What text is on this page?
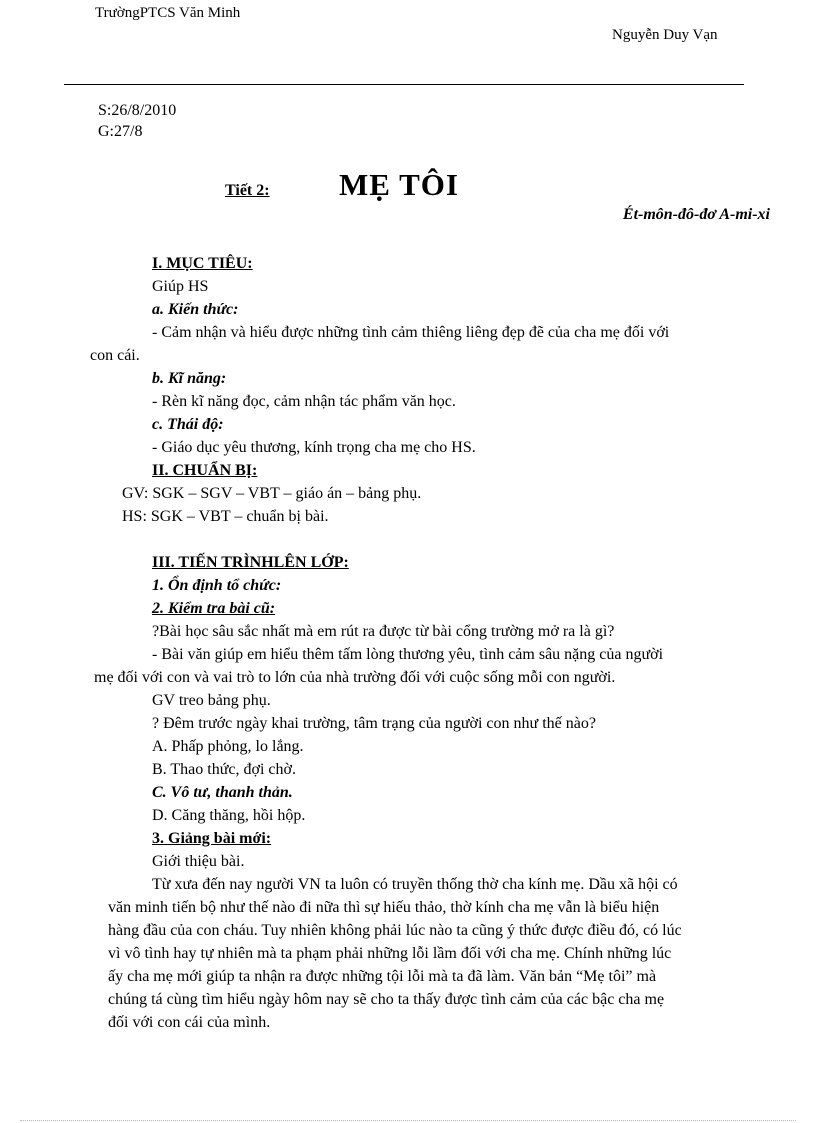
TrườngPTCS Văn Minh
Nguyễn Duy Vạn
S:26/8/2010
G:27/8
Tiết 2: MẸ TÔI
Ét-môn-đô-đơ A-mi-xi
I. MỤC TIÊU:
Giúp HS
a. Kiến thức:
- Cảm nhận và hiểu được những tình cảm thiêng liêng đẹp đẽ của cha mẹ đối với
con cái.
b. Kĩ năng:
- Rèn kĩ năng đọc, cảm nhận tác phẩm văn học.
c. Thái độ:
- Giáo dục yêu thương, kính trọng cha mẹ cho HS.
II. CHUẨN BỊ:
GV: SGK – SGV – VBT – giáo án – bảng phụ.
HS: SGK – VBT – chuẩn bị bài.
III. TIẾN TRÌNHLÊN LỚP:
1. Ổn định tổ chức:
2. Kiểm tra bài cũ:
?Bài học sâu sắc nhất mà em rút ra được từ bài cổng trường mở ra là gì?
- Bài văn giúp em hiểu thêm tấm lòng thương yêu, tình cảm sâu nặng của người
mẹ đối với con và vai trò to lớn của nhà trường đối với cuộc sống mỗi con người.
GV treo bảng phụ.
? Đêm trước ngày khai trường, tâm trạng của người con như thế nào?
A. Phấp phỏng, lo lắng.
B. Thao thức, đợi chờ.
C. Vô tư, thanh thản.
D. Căng thăng, hồi hộp.
3. Giảng bài mới:
Giới thiệu bài.
Từ xưa đến nay người VN ta luôn có truyền thống thờ cha kính mẹ. Dầu xã hội có
văn minh tiến bộ như thế nào đi nữa thì sự hiếu thảo, thờ kính cha mẹ vẫn là biểu hiện
hàng đầu của con cháu. Tuy nhiên không phải lúc nào ta cũng ý thức được điều đó, có lúc
vì vô tình hay tự nhiên mà ta phạm phải những lỗi lầm đối với cha mẹ. Chính những lúc
ấy cha mẹ mới giúp ta nhận ra được những tội lỗi mà ta đã làm. Văn bản “Mẹ tôi” mà
chúng tá cùng tìm hiểu ngày hôm nay sẽ cho ta thấy được tình cảm của các bậc cha mẹ
đối với con cái của mình.
